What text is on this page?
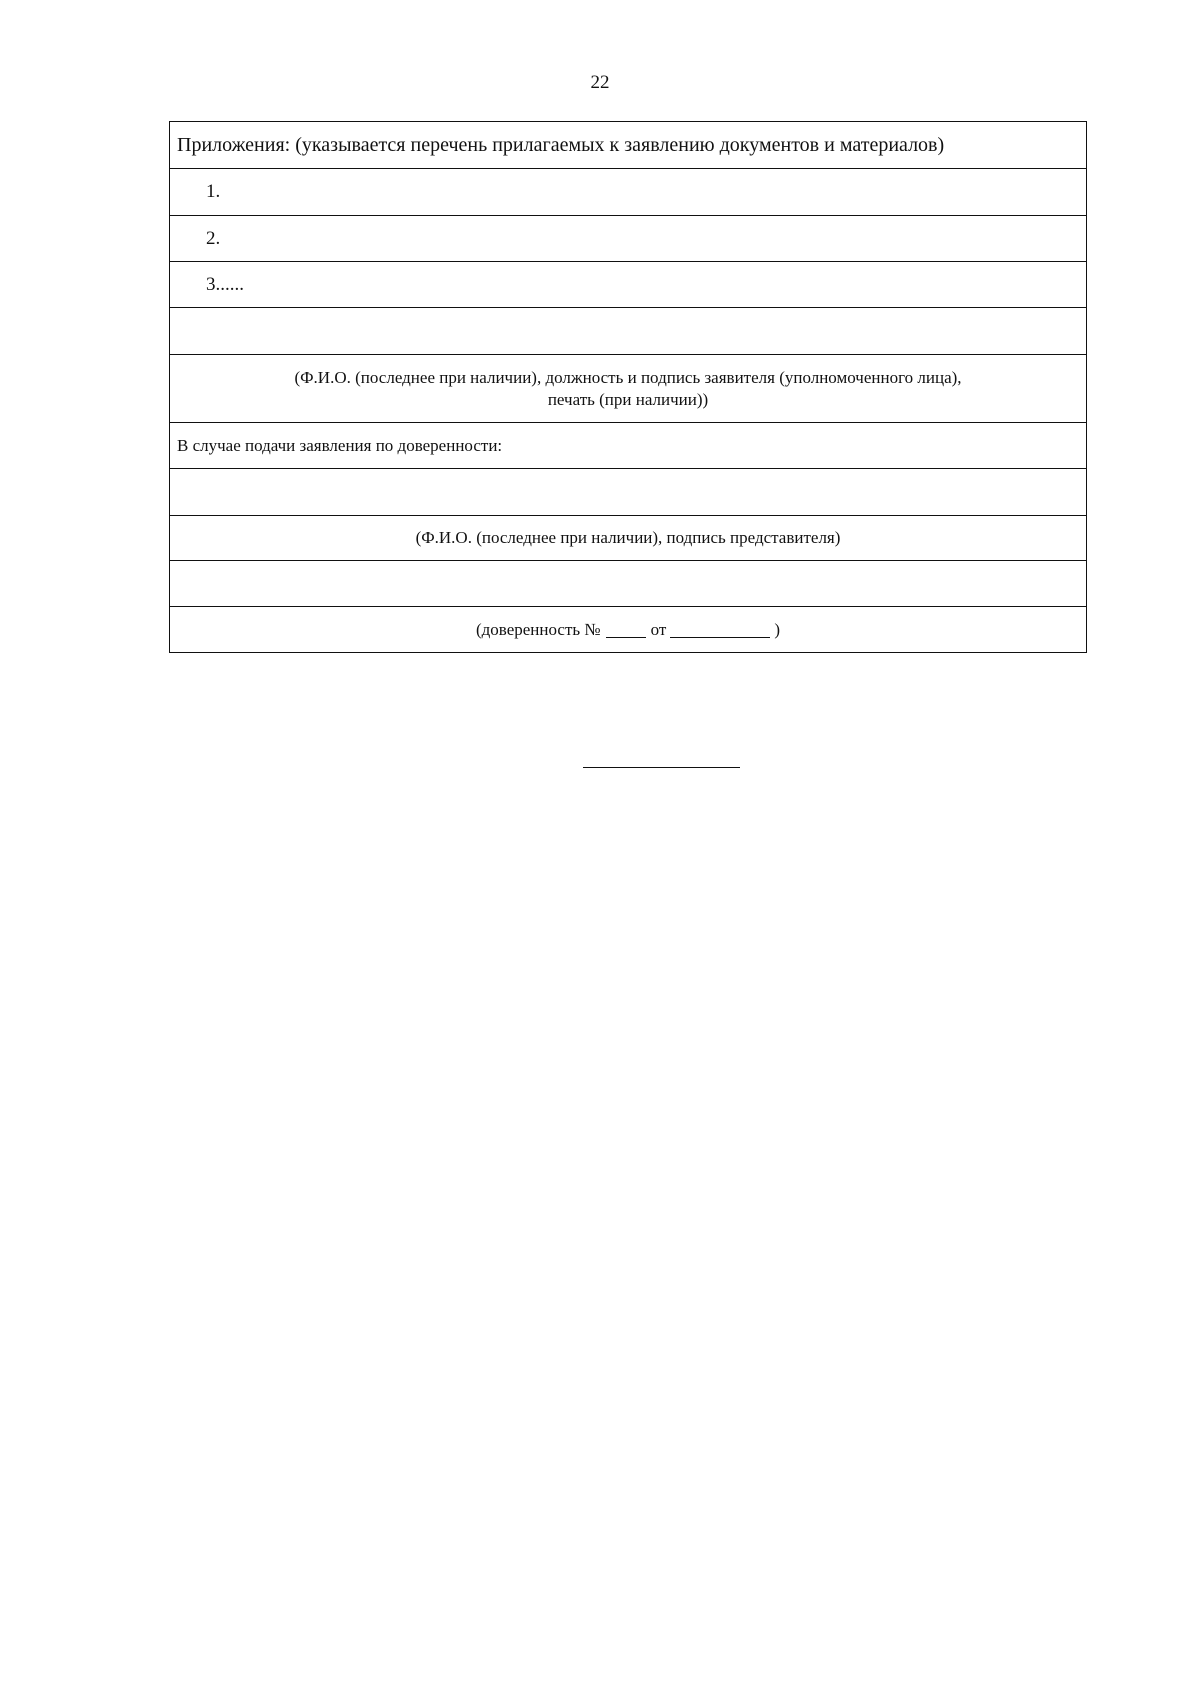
22
Приложения: (указывается перечень прилагаемых к заявлению документов и материалов)
1.
2.
3......
(Ф.И.О. (последнее при наличии), должность и подпись заявителя (уполномоченного лица),
печать (при наличии))
В случае подачи заявления по доверенности:
(Ф.И.О. (последнее при наличии), подпись представителя)
(доверенность №	от	)
